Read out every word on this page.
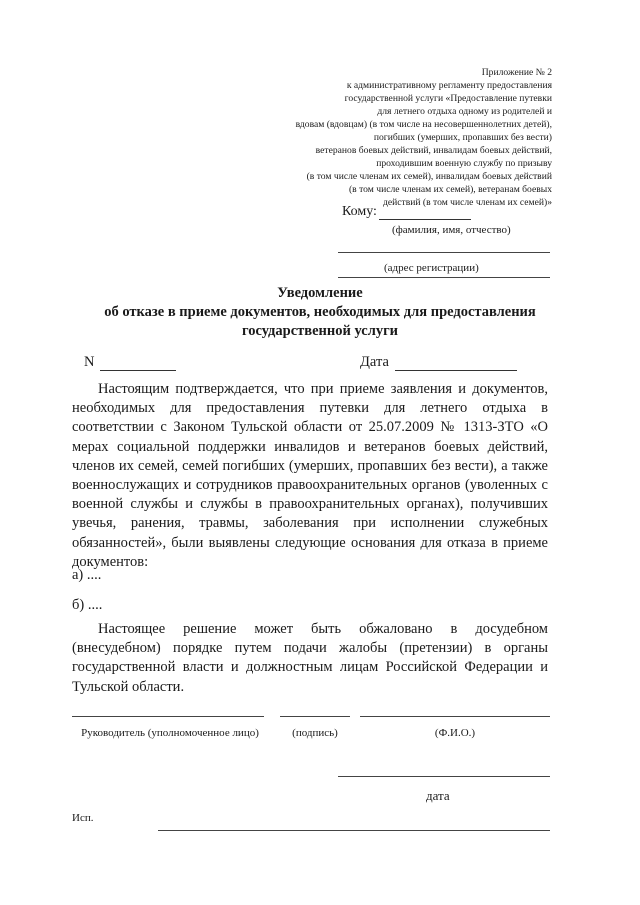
Приложение № 2
к административному регламенту предоставления
государственной услуги «Предоставление путевки
для летнего отдыха одному из родителей и
вдовам (вдовцам) (в том числе на несовершеннолетних детей),
погибших (умерших, пропавших без вести)
ветеранов боевых действий, инвалидам боевых действий,
проходившим военную службу по призыву
(в том числе членам их семей), инвалидам боевых действий
(в том числе членам их семей), ветеранам боевых
действий (в том числе членам их семей)»
Кому:
(фамилия, имя, отчество)
(адрес регистрации)
Уведомление
об отказе в приеме документов, необходимых для предоставления
государственной услуги
N	Дата
Настоящим подтверждается, что при приеме заявления и документов, необходимых для предоставления путевки для летнего отдыха в соответствии с Законом Тульской области от 25.07.2009 № 1313-ЗТО «О мерах социальной поддержки инвалидов и ветеранов боевых действий, членов их семей, семей погибших (умерших, пропавших без вести), а также военнослужащих и сотрудников правоохранительных органов (уволенных с военной службы и службы в правоохранительных органах), получивших увечья, ранения, травмы, заболевания при исполнении служебных обязанностей», были выявлены следующие основания для отказа в приеме документов:
а) ....
б) ....
Настоящее решение может быть обжаловано в досудебном (внесудебном) порядке путем подачи жалобы (претензии) в органы государственной власти и должностным лицам Российской Федерации и Тульской области.
Руководитель (уполномоченное лицо)	(подпись)	(Ф.И.О.)
дата
Исп.
